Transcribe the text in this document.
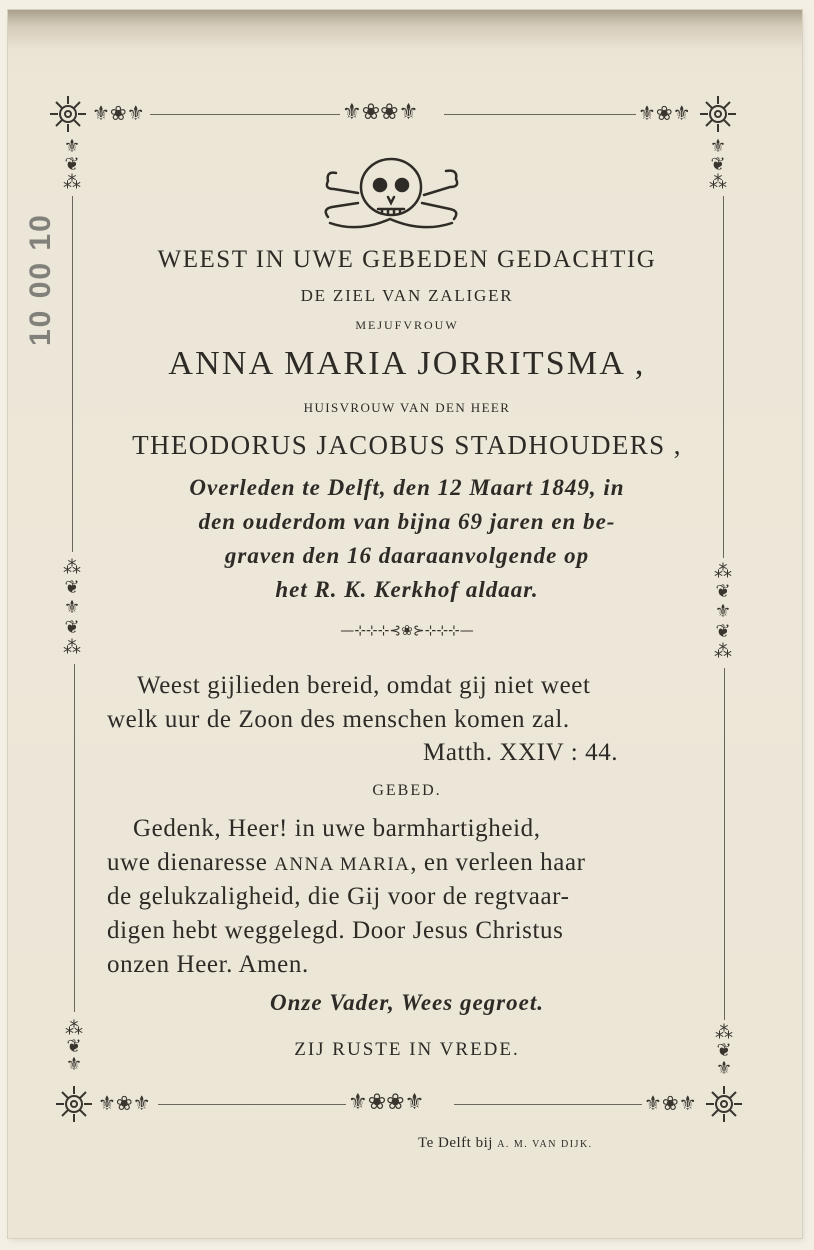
10 00 10
⚜❀⚜	⚜❀❀⚜	⚜❀⚜
⚜❀⚜	⚜❀❀⚜	⚜❀⚜
⚜
❦
⁂
⚜
❦
⁂
⁂
❦
⚜
❦
⁂
⁂
❦
⚜
❦
⁂
⁂
❦
⚜
⁂
❦
⚜
WEEST IN UWE GEBEDEN GEDACHTIG
DE ZIEL VAN ZALIGER
MEJUFVROUW
ANNA MARIA JORRITSMA ,
HUISVROUW VAN DEN HEER
THEODORUS JACOBUS STADHOUDERS ,
Overleden te Delft, den 12 Maart 1849, in
den ouderdom van bijna 69 jaren en be-
graven den 16 daaraanvolgende op
het R. K. Kerkhof aldaar.
—⊹⊹⊹⊰❀⊱⊹⊹⊹—
Weest gijlieden bereid, omdat gij niet weet
welk uur de Zoon des menschen komen zal.
Matth. XXIV : 44.
GEBED.
Gedenk, Heer! in uwe barmhartigheid,
uwe dienaresse ANNA MARIA, en verleen haar
de gelukzaligheid, die Gij voor de regtvaar-
digen hebt weggelegd. Door Jesus Christus
onzen Heer. Amen.
Onze Vader, Wees gegroet.
ZIJ RUSTE IN VREDE.
Te Delft bij A. M. VAN DIJK.
